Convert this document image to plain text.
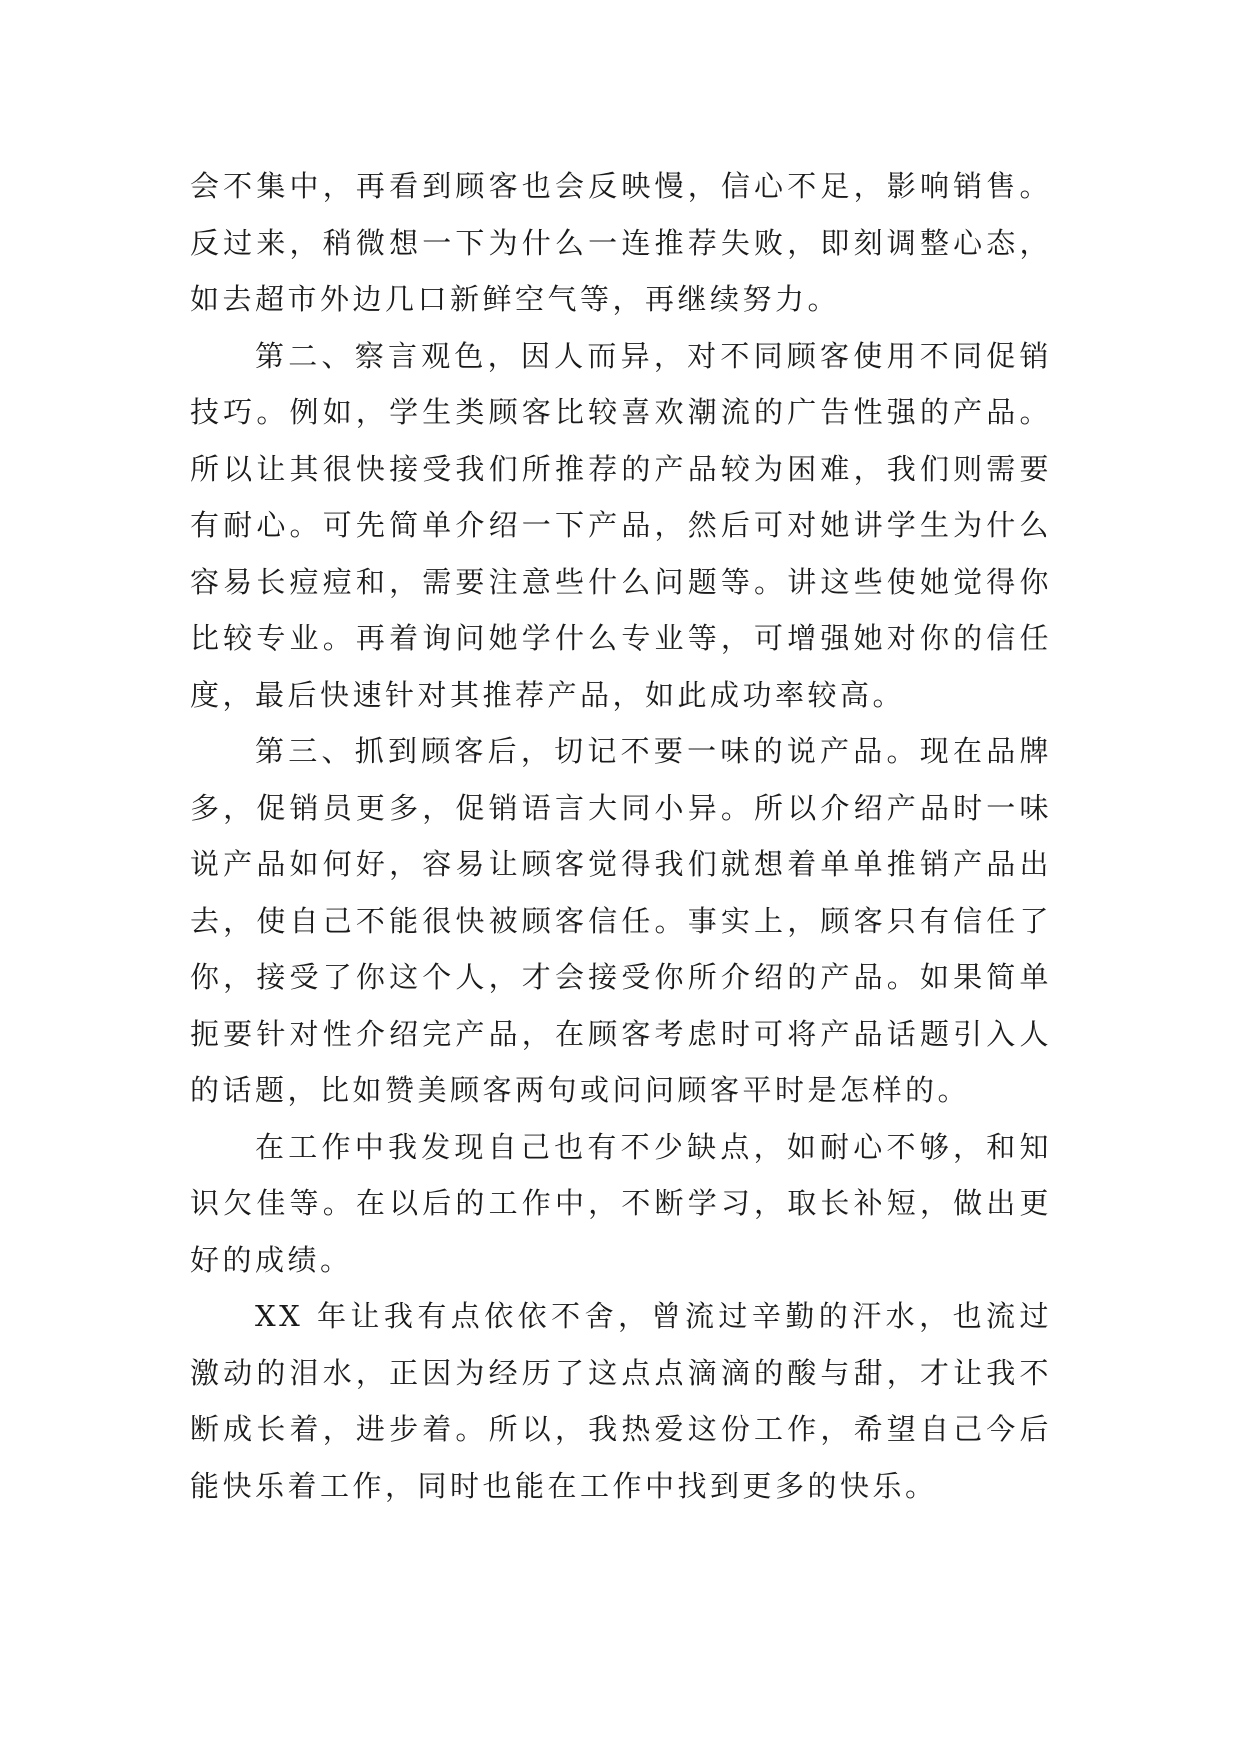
会不集中，再看到顾客也会反映慢，信心不足，影响销售。反过来，稍微想一下为什么一连推荐失败，即刻调整心态，如去超市外边几口新鲜空气等，再继续努力。

第二、察言观色，因人而异，对不同顾客使用不同促销技巧。例如，学生类顾客比较喜欢潮流的广告性强的产品。所以让其很快接受我们所推荐的产品较为困难，我们则需要有耐心。可先简单介绍一下产品，然后可对她讲学生为什么容易长痘痘和，需要注意些什么问题等。讲这些使她觉得你比较专业。再着询问她学什么专业等，可增强她对你的信任度，最后快速针对其推荐产品，如此成功率较高。

第三、抓到顾客后，切记不要一味的说产品。现在品牌多，促销员更多，促销语言大同小异。所以介绍产品时一味说产品如何好，容易让顾客觉得我们就想着单单推销产品出去，使自己不能很快被顾客信任。事实上，顾客只有信任了你，接受了你这个人，才会接受你所介绍的产品。如果简单扼要针对性介绍完产品，在顾客考虑时可将产品话题引入人的话题，比如赞美顾客两句或问问顾客平时是怎样的。

在工作中我发现自己也有不少缺点，如耐心不够，和知识欠佳等。在以后的工作中，不断学习，取长补短，做出更好的成绩。

XX 年让我有点依依不舍，曾流过辛勤的汗水，也流过激动的泪水，正因为经历了这点点滴滴的酸与甜，才让我不断成长着，进步着。所以，我热爱这份工作，希望自己今后能快乐着工作，同时也能在工作中找到更多的快乐。
